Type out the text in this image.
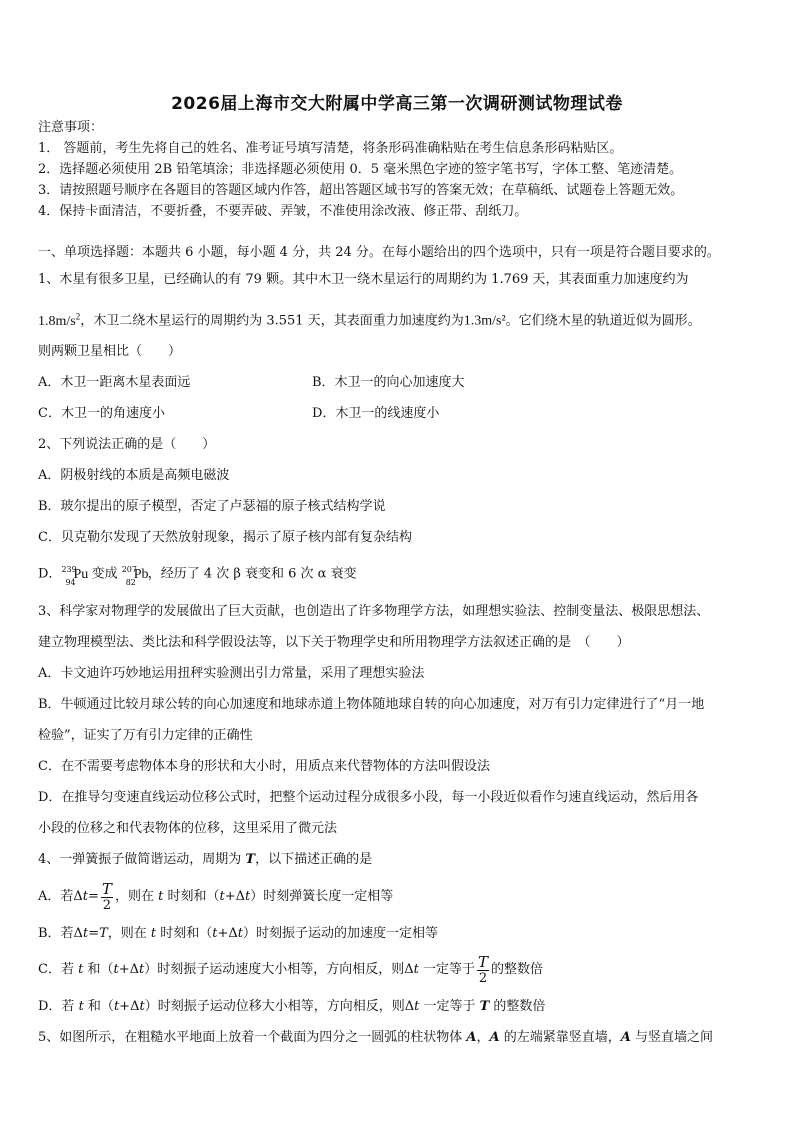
2026届上海市交大附属中学高三第一次调研测试物理试卷
注意事项：
1． 答题前，考生先将自己的姓名、准考证号填写清楚，将条形码准确粘贴在考生信息条形码粘贴区。
2．选择题必须使用 2B 铅笔填涂；非选择题必须使用 0．5 毫米黑色字迹的签字笔书写，字体工整、笔迹清楚。
3．请按照题号顺序在各题目的答题区域内作答，超出答题区域书写的答案无效；在草稿纸、试题卷上答题无效。
4．保持卡面清洁，不要折叠，不要弄破、弄皱，不准使用涂改液、修正带、刮纸刀。
一、单项选择题：本题共 6 小题，每小题 4 分，共 24 分。在每小题给出的四个选项中，只有一项是符合题目要求的。
1、木星有很多卫星，已经确认的有 79 颗。其中木卫一绕木星运行的周期约为 1.769 天，其表面重力加速度约为
$1.8m/s^2$，木卫二绕木星运行的周期约为 3.551 天，其表面重力加速度约为1.3m/s²。它们绕木星的轨道近似为圆形。
则两颗卫星相比（　　）
A．木卫一距离木星表面远	B．木卫一的向心加速度大
C．木卫一的角速度小	D．木卫一的线速度小
2、下列说法正确的是（　　）
A．阴极射线的本质是高频电磁波
B．玻尔提出的原子模型，否定了卢瑟福的原子核式结构学说
C．贝克勒尔发现了天然放射现象，揭示了原子核内部有复杂结构
D． 239
94
Pu 变成 207
82
Pb ，经历了 4 次 β 衰变和 6 次 α 衰变
3、科学家对物理学的发展做出了巨大贡献，也创造出了许多物理学方法，如理想实验法、控制变量法、极限思想法、
建立物理模型法、类比法和科学假设法等，以下关于物理学史和所用物理学方法叙述正确的是　（　　）
A．卡文迪许巧妙地运用扭秤实验测出引力常量，采用了理想实验法
B．牛顿通过比较月球公转的向心加速度和地球赤道上物体随地球自转的向心加速度，对万有引力定律进行了“月一地
检验”，证实了万有引力定律的正确性
C．在不需要考虑物体本身的形状和大小时，用质点来代替物体的方法叫假设法
D．在推导匀变速直线运动位移公式时，把整个运动过程分成很多小段，每一小段近似看作匀速直线运动，然后用各
小段的位移之和代表物体的位移，这里采用了微元法
4、一弹簧振子做简谐运动，周期为 T，以下描述正确的是
A．若$\Delta t= \frac{T}{2}$ ，则在 t 时刻和（t+Δt）时刻弹簧长度一定相等
B．若Δt=T，则在 t 时刻和（t+Δt）时刻振子运动的加速度一定相等
C．若 t 和（t+Δt）时刻振子运动速度大小相等，方向相反，则Δt 一定等于 $\frac{T}{2}$ 的整数倍
D．若 t 和（t+Δt）时刻振子运动位移大小相等，方向相反，则Δt 一定等于 T 的整数倍
5、如图所示，在粗糙水平地面上放着一个截面为四分之一圆弧的柱状物体 A，A 的左端紧靠竖直墙，A 与竖直墙之间
